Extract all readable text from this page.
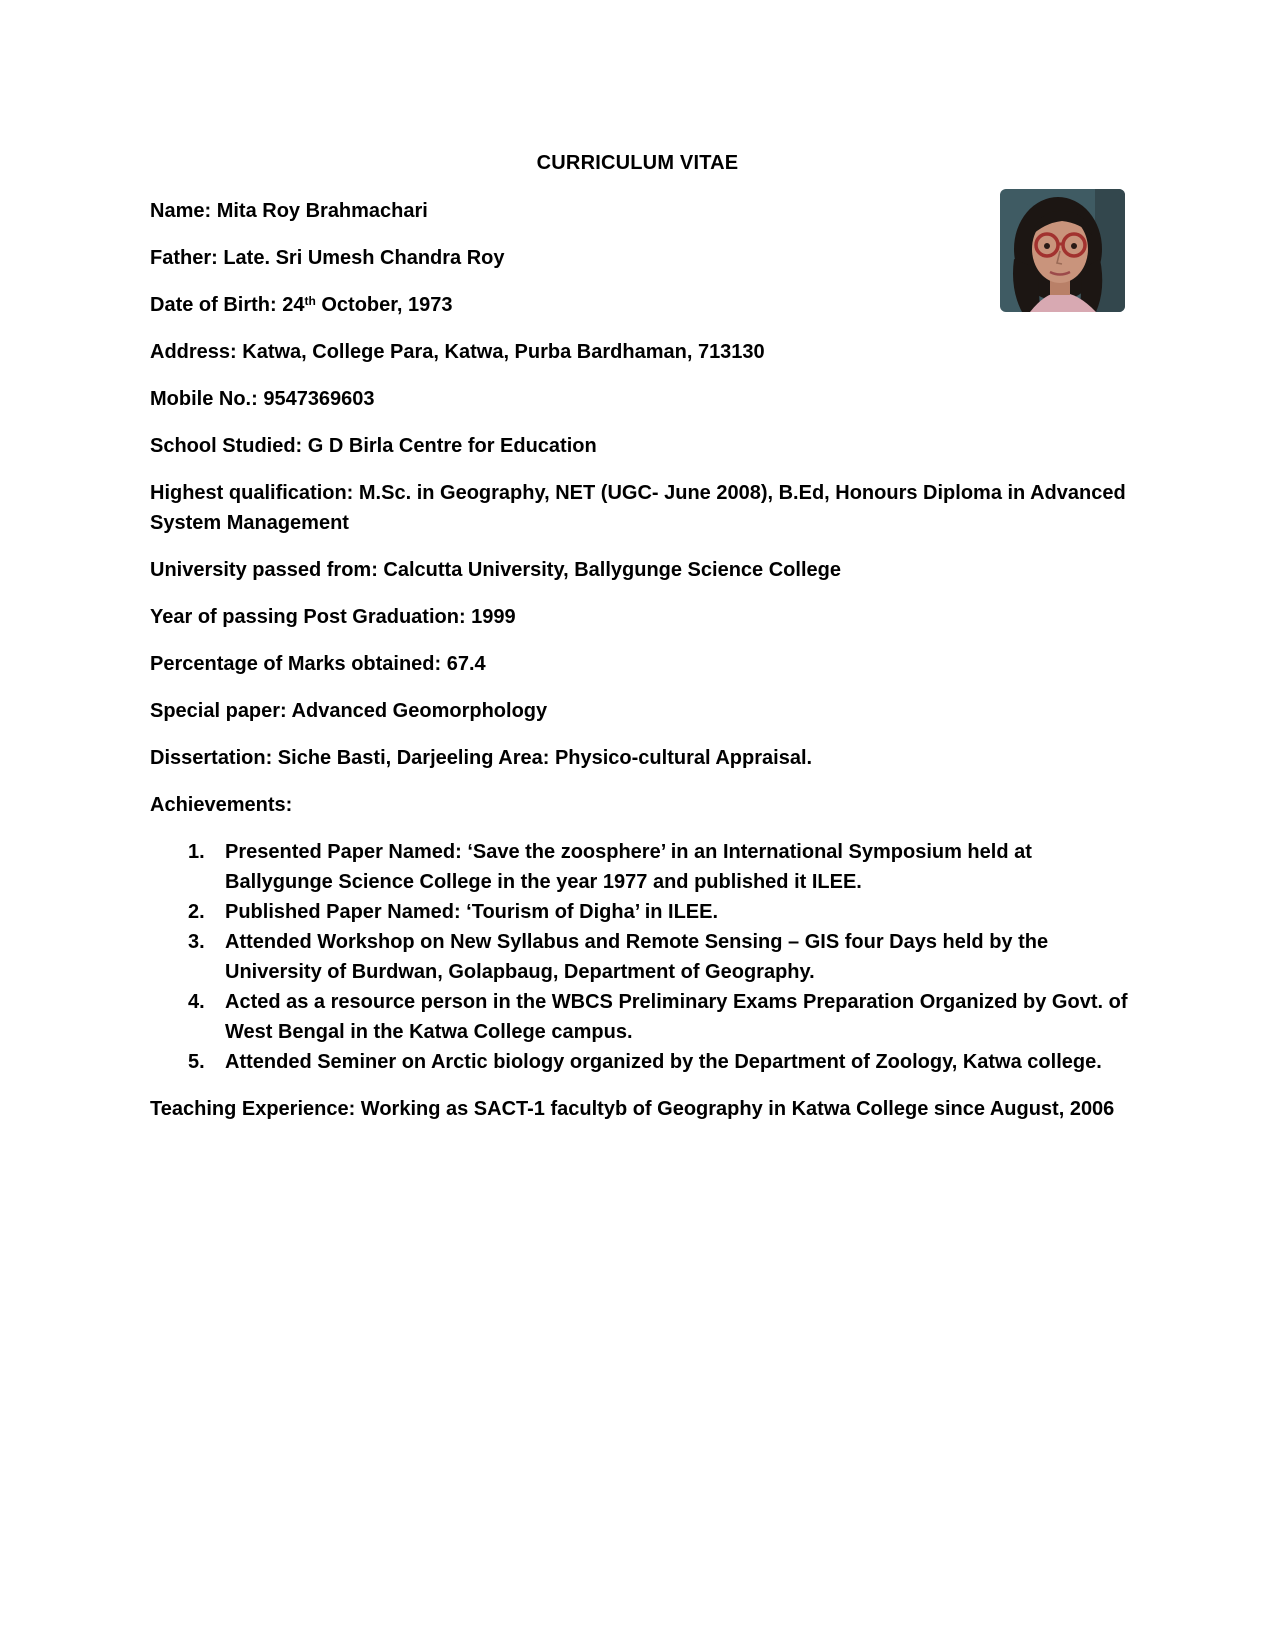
CURRICULUM VITAE
Name: Mita Roy Brahmachari
Father: Late. Sri Umesh Chandra Roy
Date of Birth: 24th October, 1973
Address: Katwa, College Para, Katwa, Purba Bardhaman, 713130
Mobile No.: 9547369603
School Studied: G D Birla Centre for Education
Highest qualification: M.Sc. in Geography, NET (UGC- June 2008), B.Ed, Honours Diploma in Advanced System Management
University passed from: Calcutta University, Ballygunge Science College
Year of passing Post Graduation: 1999
Percentage of Marks obtained: 67.4
Special paper: Advanced Geomorphology
Dissertation: Siche Basti, Darjeeling Area: Physico-cultural Appraisal.
Achievements:
1. Presented Paper Named: ‘Save the zoosphere’ in an International Symposium held at Ballygunge Science College in the year 1977 and published it ILEE.
2. Published Paper Named: ‘Tourism of Digha’ in ILEE.
3. Attended Workshop on New Syllabus and Remote Sensing – GIS four Days held by the University of Burdwan, Golapbaug, Department of Geography.
4. Acted as a resource person in the WBCS Preliminary Exams Preparation Organized by Govt. of West Bengal in the Katwa College campus.
5. Attended Seminer on Arctic biology organized by the Department of Zoology, Katwa college.
Teaching Experience: Working as SACT-1 facultyb of Geography in Katwa College since August, 2006
